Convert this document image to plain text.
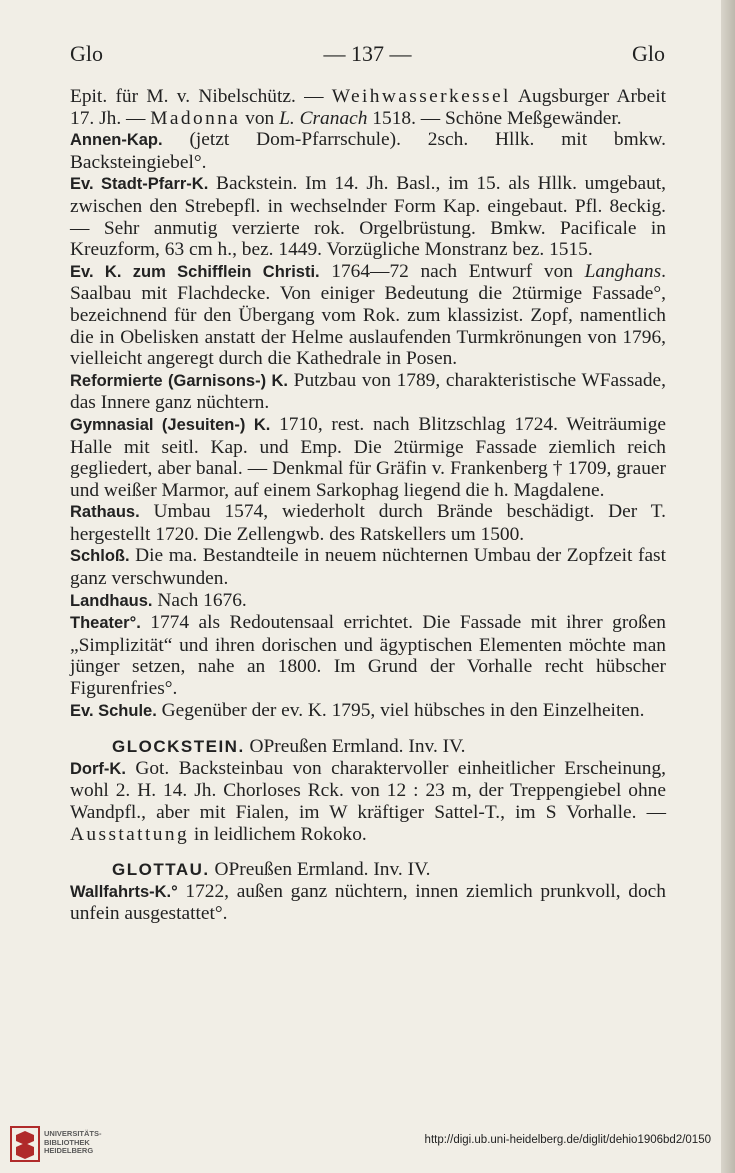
Glo	— 137 —	Glo

Epit. für M. v. Nibelschütz. — Weihwasserkessel Augsburger Arbeit 17. Jh. — Madonna von L. Cranach 1518. — Schöne Meßgewänder.

Annen-Kap. (jetzt Dom-Pfarrschule). 2sch. Hllk. mit bmkw. Backsteingiebel°.

Ev. Stadt-Pfarr-K. Backstein. Im 14. Jh. Basl., im 15. als Hllk. umgebaut, zwischen den Strebepfl. in wechselnder Form Kap. eingebaut. Pfl. 8eckig. — Sehr anmutig verzierte rok. Orgelbrüstung. Bmkw. Pacificale in Kreuzform, 63 cm h., bez. 1449. Vorzügliche Monstranz bez. 1515.

Ev. K. zum Schifflein Christi. 1764—72 nach Entwurf von Langhans. Saalbau mit Flachdecke. Von einiger Bedeutung die 2türmige Fassade°, bezeichnend für den Übergang vom Rok. zum klassizist. Zopf, namentlich die in Obelisken anstatt der Helme auslaufenden Turmkrönungen von 1796, vielleicht angeregt durch die Kathedrale in Posen.

Reformierte (Garnisons-) K. Putzbau von 1789, charakteristische WFassade, das Innere ganz nüchtern.

Gymnasial (Jesuiten-) K. 1710, rest. nach Blitzschlag 1724. Weiträumige Halle mit seitl. Kap. und Emp. Die 2türmige Fassade ziemlich reich gegliedert, aber banal. — Denkmal für Gräfin v. Frankenberg † 1709, grauer und weißer Marmor, auf einem Sarkophag liegend die h. Magdalene.

Rathaus. Umbau 1574, wiederholt durch Brände beschädigt. Der T. hergestellt 1720. Die Zellengwb. des Ratskellers um 1500.

Schloß. Die ma. Bestandteile in neuem nüchternen Umbau der Zopfzeit fast ganz verschwunden.

Landhaus. Nach 1676.

Theater°. 1774 als Redoutensaal errichtet. Die Fassade mit ihrer großen „Simplizität“ und ihren dorischen und ägyptischen Elementen möchte man jünger setzen, nahe an 1800. Im Grund der Vorhalle recht hübscher Figurenfries°.

Ev. Schule. Gegenüber der ev. K. 1795, viel hübsches in den Einzelheiten.

GLOCKSTEIN. OPreußen Ermland. Inv. IV.

Dorf-K. Got. Backsteinbau von charaktervoller einheitlicher Erscheinung, wohl 2. H. 14. Jh. Chorloses Rck. von 12 : 23 m, der Treppengiebel ohne Wandpfl., aber mit Fialen, im W kräftiger Sattel-T., im S Vorhalle. — Ausstattung in leidlichem Rokoko.

GLOTTAU. OPreußen Ermland. Inv. IV.

Wallfahrts-K.° 1722, außen ganz nüchtern, innen ziemlich prunkvoll, doch unfein ausgestattet°.

UNIVERSITÄTS-
BIBLIOTHEK
HEIDELBERG
http://digi.ub.uni-heidelberg.de/diglit/dehio1906bd2/0150
